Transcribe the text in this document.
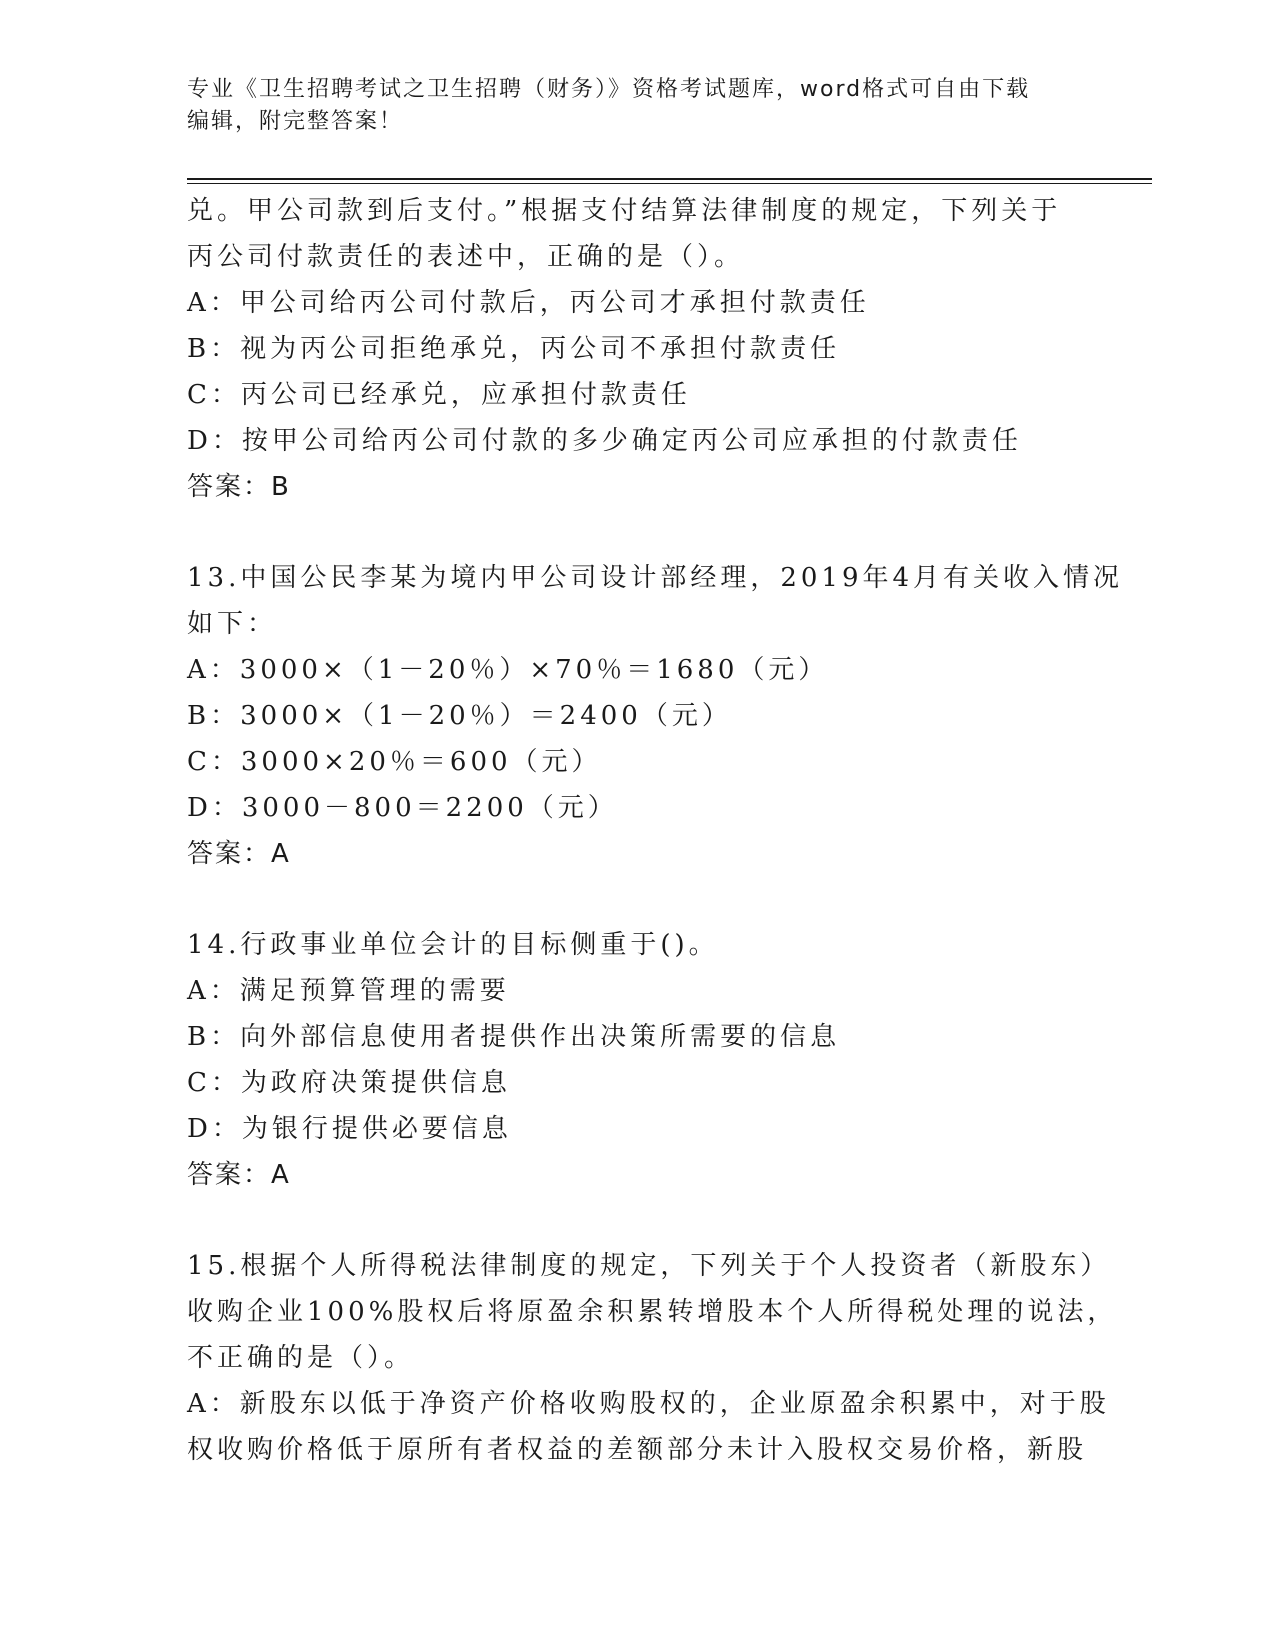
专业《卫生招聘考试之卫生招聘（财务）》资格考试题库，word格式可自由下载
编辑，附完整答案！
兑。甲公司款到后支付。”根据支付结算法律制度的规定，下列关于
丙公司付款责任的表述中，正确的是（）。
A：甲公司给丙公司付款后，丙公司才承担付款责任
B：视为丙公司拒绝承兑，丙公司不承担付款责任
C：丙公司已经承兑，应承担付款责任
D：按甲公司给丙公司付款的多少确定丙公司应承担的付款责任
答案：B
13.中国公民李某为境内甲公司设计部经理，2019年4月有关收入情况
如下：
A：3000×（1－20％）×70％＝1680（元）
B：3000×（1－20％）＝2400（元）
C：3000×20％＝600（元）
D：3000－800＝2200（元）
答案：A
14.行政事业单位会计的目标侧重于()。
A：满足预算管理的需要
B：向外部信息使用者提供作出决策所需要的信息
C：为政府决策提供信息
D：为银行提供必要信息
答案：A
15.根据个人所得税法律制度的规定，下列关于个人投资者（新股东）
收购企业100%股权后将原盈余积累转增股本个人所得税处理的说法，
不正确的是（）。
A：新股东以低于净资产价格收购股权的，企业原盈余积累中，对于股
权收购价格低于原所有者权益的差额部分未计入股权交易价格，新股
